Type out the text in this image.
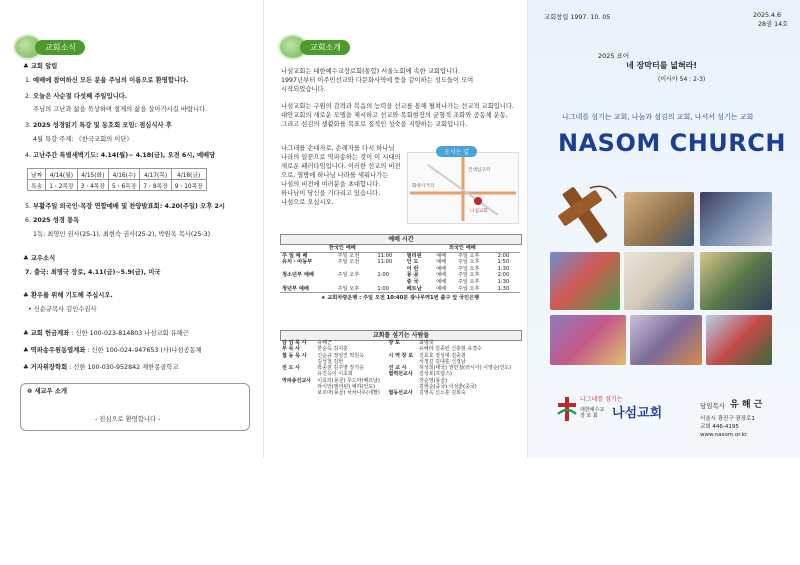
교회소식
♣ 교회 알림
1. 예배에 참여하신 모든 분을 주님의 이름으로 환영합니다.
2. 오늘은 사순절 다섯째 주일입니다.
주님의 고난과 삶을 묵상하며 절제의 삶을 살아가시길 바랍니다.
3. 2025 성경읽기 특강 및 동호회 모임: 점심식사 후
4월 특강 주제: 《한국교회의 이단》
4. 고난주간 특별새벽기도: 4.14(월)~ 4.18(금), 오전 6시, 예배당
날짜	4/14(월)	4/15(화)	4/16(수)	4/17(목)	4/18(금)
특송	1・2목장	3・4목장	5・6목장	7・8목장	9・10목장
5. 부활주일 외국인·목장 연합예배 및 찬양발표회: 4.20(주일) 오후 2시
6. 2025 성경 통독
1독: 최영인 권사(25-1), 최현숙 권사(25-2), 박원옥 목사(25-3)
♣ 교우소식
7. 출국: 최명국 장로, 4.11(금)~5.9(금), 미국
♣ 환우를 위해 기도해 주십시오.
• 신순규목사 김인수권사
♣ 교회 헌금계좌 : 신한 100-023-814803 나섬교회 유해근
♣ 역파송우원동엽계좌 : 신한 100-024-947653 (사)나섬공동체
♣ 거자위장학회 : 신한 100-030-952842 재한몽골학교
❁ 새교우 소개
- 진심으로 환영합니다 -
교회소개
나섬교회는 대한예수교장로회(통합) 서울노회에 속한 교회입니다.
1997년부터 이주민선교와 다문화사역에 뜻을 같이하는 성도들이 모여
시작되었습니다.
나섬교회는 구원의 감격과 복음의 능력을 선교를 통해 펼쳐나가는 선교적 교회입니다.
대안교회의 새로운 모델을 제시하고 선교와 목회현장의 균형적 조화와 공동체 운동,
그리고 섬김의 생활화를 목표로 질적인 성숙을 지향하는 교회입니다.
나그네를 손대자로, 손래자를 다시 하나님
나라의 일꾼으로 역파송하는 것이 이 시대의
새로운 패러다임입니다. 이러한 선교의 비전
으로, 열방에 하나님 나라를 세워나가는
나섬의 비전에 여러분을 초대합니다.
하나님이 당신을 기다리고 있습니다.
나섬으로 오십시오.
오시는 길
화양사거리
건대입구역
나섬교회
예배 시간
한국인 예배			외국인 예배			
주 일 예 배	주일 오전	11:00	필리핀	예배	주일 오후	2:00
유치・아동부	주일 오전	11:00	인 도	예배	주일 오후	1:50
			이 란	예배	주일 오후	1:30
청소년부 예배	주일 오후	1:00	몽 골	예배	주일 오후	2:00
			중 국	예배	주일 오후	1:30
청년부 예배	주일 오후	1:00	베트남	예배	주일 오후	1:30
★ 교회차량운행 : 주일 오전 10:40분 광나루역1번 출구 앞 국민은행						
교회를 섬기는 사람들
담 임 목 사	유해근	장 로	최명국
부 목 사	한순옥 김지훈		유혜라 김종빈 신충현 유경수
협 동 목 사	신순규 정성진 박원옥	시 역 장 로	진호호 정성대 김종철
	김성철 김헌		서정길 김대훈 신정남
전 도 사	박종권 김주영 장기웅	선 교 사	허성희(태국) 권민철(러시아) 이영순(인도)
	유진옥이 이초희	협력선교사	김성호(프랑스)
역파송선교사	이효의(몽골) 무드마(베트남)		장순영(몽골)
	라이언(필리핀) 예하(인도)		김현순(중국) 이성춘(중국)
	보르마(몽골) 차차나우(네팔)	협동선교사	김영옥 신노훈 김희숙
교회창립 1997. 10. 05	2025.4.6
28권 14호
2025 표어
네 장막터를 넓혀라!
(이사야 54 : 2-3)
나그네를 섬기는 교회, 나눔과 섬김의 교회, 나서서 섬기는 교회
NASOM CHURCH
나그네를 섬기는
대한예수교 장 로 회	나섬교회	담임목사 유 해 근
서울시 광진구 광장로1
교회 446-4195
www.nasom.or.kr
